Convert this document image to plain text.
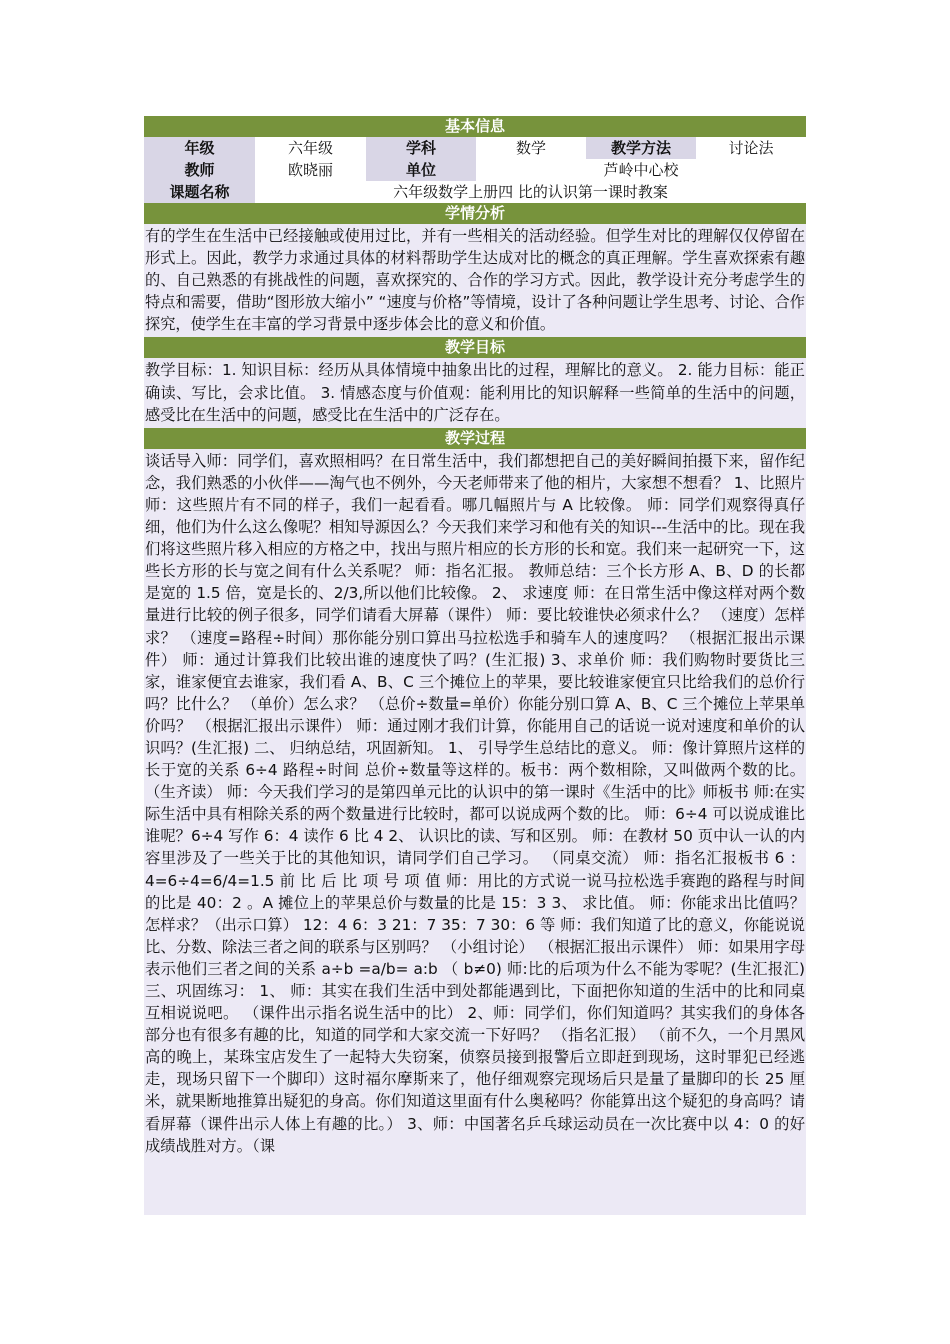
基本信息
年级	六年级	学科	数学	教学方法	讨论法
教师	欧晓丽	单位	芦岭中心校
课题名称	六年级数学上册四 比的认识第一课时教案
学情分析
有的学生在生活中已经接触或使用过比，并有一些相关的活动经验。但学生对比的理解仅仅停留在形式上。因此，教学力求通过具体的材料帮助学生达成对比的概念的真正理解。学生喜欢探索有趣的、自己熟悉的有挑战性的问题，喜欢探究的、合作的学习方式。因此，教学设计充分考虑学生的特点和需要，借助“图形放大缩小” “速度与价格”等情境，设计了各种问题让学生思考、讨论、合作探究，使学生在丰富的学习背景中逐步体会比的意义和价值。
教学目标
教学目标：1. 知识目标：经历从具体情境中抽象出比的过程，理解比的意义。 2. 能力目标：能正确读、写比，会求比值。 3. 情感态度与价值观：能利用比的知识解释一些简单的生活中的问题，感受比在生活中的问题，感受比在生活中的广泛存在。
教学过程
谈话导入师：同学们，喜欢照相吗？在日常生活中，我们都想把自己的美好瞬间拍摄下来，留作纪念，我们熟悉的小伙伴——淘气也不例外，今天老师带来了他的相片，大家想不想看？ 1、比照片师：这些照片有不同的样子，我们一起看看。哪几幅照片与 A 比较像。 师：同学们观察得真仔细，他们为什么这么像呢？相知导源因么？今天我们来学习和他有关的知识---生活中的比。现在我们将这些照片移入相应的方格之中，找出与照片相应的长方形的长和宽。我们来一起研究一下，这些长方形的长与宽之间有什么关系呢？ 师：指名汇报。 教师总结：三个长方形 A、B、D 的长都是宽的 1.5 倍，宽是长的、2/3,所以他们比较像。 2、 求速度 师：在日常生活中像这样对两个数量进行比较的例子很多，同学们请看大屏幕（课件） 师：要比较谁快必须求什么？ （速度）怎样求？ （速度=路程÷时间）那你能分别口算出马拉松选手和骑车人的速度吗？ （根据汇报出示课件） 师：通过计算我们比较出谁的速度快了吗？(生汇报) 3、求单价 师：我们购物时要货比三家，谁家便宜去谁家，我们看 A、B、C 三个摊位上的苹果，要比较谁家便宜只比给我们的总价行吗？比什么？ （单价）怎么求？ （总价÷数量=单价）你能分别口算 A、B、C 三个摊位上苹果单价吗？ （根据汇报出示课件） 师：通过刚才我们计算，你能用自己的话说一说对速度和单价的认识吗？(生汇报) 二、 归纳总结，巩固新知。 1、 引导学生总结比的意义。 师：像计算照片这样的长于宽的关系 6÷4 路程÷时间 总价÷数量等这样的。板书：两个数相除，又叫做两个数的比。 （生齐读） 师：今天我们学习的是第四单元比的认识中的第一课时《生活中的比》师板书 师:在实际生活中具有相除关系的两个数量进行比较时，都可以说成两个数的比。 师：6÷4 可以说成谁比谁呢？6÷4 写作 6：4 读作 6 比 4 2、 认识比的读、写和区别。 师：在教材 50 页中认一认的内容里涉及了一些关于比的其他知识，请同学们自己学习。 （同桌交流） 师：指名汇报板书 6 ： 4=6÷4=6/4=1.5 前 比 后 比 项 号 项 值 师：用比的方式说一说马拉松选手赛跑的路程与时间的比是 40：2 。A 摊位上的苹果总价与数量的比是 15：3 3、 求比值。 师：你能求出比值吗？怎样求？（出示口算） 12：4 6：3 21：7 35：7 30：6 等 师：我们知道了比的意义，你能说说比、分数、除法三者之间的联系与区别吗？ （小组讨论） （根据汇报出示课件） 师：如果用字母表示他们三者之间的关系 a÷b =a/b= a:b （ b≠0) 师:比的后项为什么不能为零呢？(生汇报汇) 三、巩固练习： 1、 师：其实在我们生活中到处都能遇到比，下面把你知道的生活中的比和同桌互相说说吧。 （课件出示指名说生活中的比） 2、师：同学们，你们知道吗？其实我们的身体各部分也有很多有趣的比，知道的同学和大家交流一下好吗？ （指名汇报） （前不久，一个月黑风高的晚上，某珠宝店发生了一起特大失窃案，侦察员接到报警后立即赶到现场，这时罪犯已经逃走，现场只留下一个脚印）这时福尔摩斯来了，他仔细观察完现场后只是量了量脚印的长 25 厘米，就果断地推算出疑犯的身高。你们知道这里面有什么奥秘吗？你能算出这个疑犯的身高吗？请看屏幕（课件出示人体上有趣的比。） 3、师：中国著名乒乓球运动员在一次比赛中以 4：0 的好成绩战胜对方。（课
